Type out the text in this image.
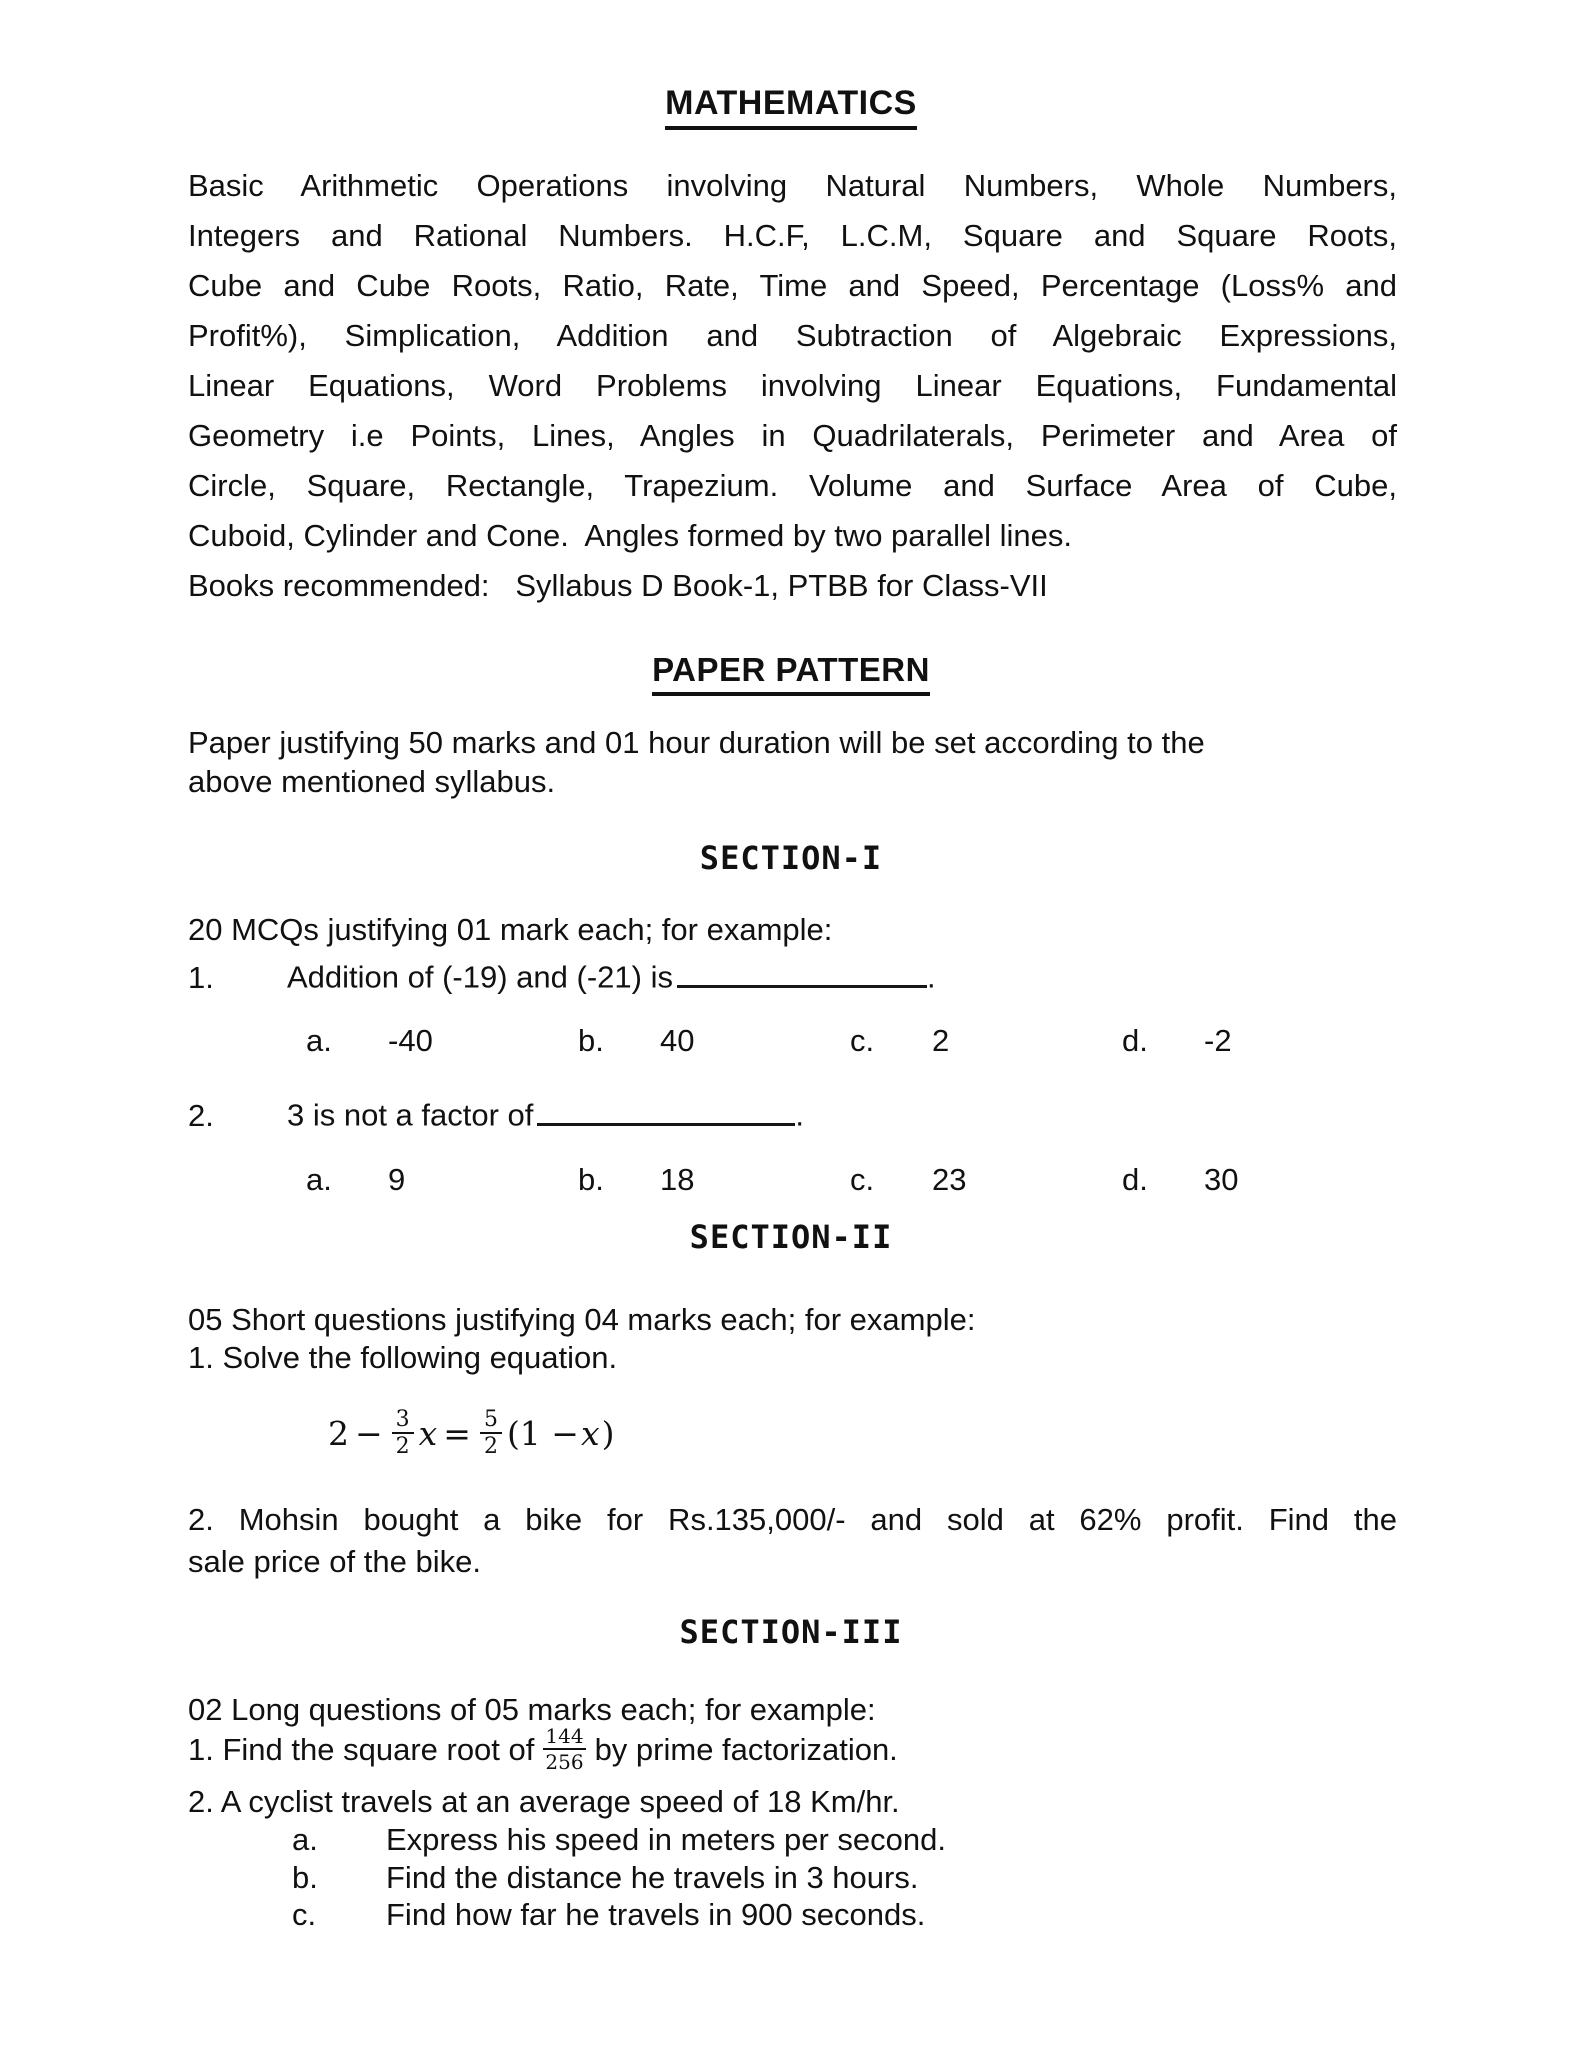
MATHEMATICS
Basic Arithmetic Operations involving Natural Numbers, Whole Numbers,
Integers and Rational Numbers. H.C.F, L.C.M, Square and Square Roots,
Cube and Cube Roots, Ratio, Rate, Time and Speed, Percentage (Loss% and
Profit%), Simplication, Addition and Subtraction of Algebraic Expressions,
Linear Equations, Word Problems involving Linear Equations, Fundamental
Geometry i.e Points, Lines, Angles in Quadrilaterals, Perimeter and Area of
Circle, Square, Rectangle, Trapezium. Volume and Surface Area of Cube,
Cuboid, Cylinder and Cone.  Angles formed by two parallel lines.
Books recommended:   Syllabus D Book-1, PTBB for Class-VII
PAPER PATTERN
Paper justifying 50 marks and 01 hour duration will be set according to the
above mentioned syllabus.
SECTION-I
20 MCQs justifying 01 mark each; for example:
1. Addition of (-19) and (-21) is	.
a.	-40	b.	40	c.	2	d.	-2
2. 3 is not a factor of	.
a.	9	b.	18	c.	23	d.	30
SECTION-II
05 Short questions justifying 04 marks each; for example:
1. Solve the following equation.
$2 - \frac{3}{2}$ $x = \frac{5}{2} (1 - x$ )
2. Mohsin bought a bike for Rs.135,000/- and sold at 62% profit. Find the
sale price of the bike.
SECTION-III
02 Long questions of 05 marks each; for example:
1. Find the square root of $\frac{144}{256}$ by prime factorization.
2. A cyclist travels at an average speed of 18 Km/hr.
a. Express his speed in meters per second.
b. Find the distance he travels in 3 hours.
c. Find how far he travels in 900 seconds.
